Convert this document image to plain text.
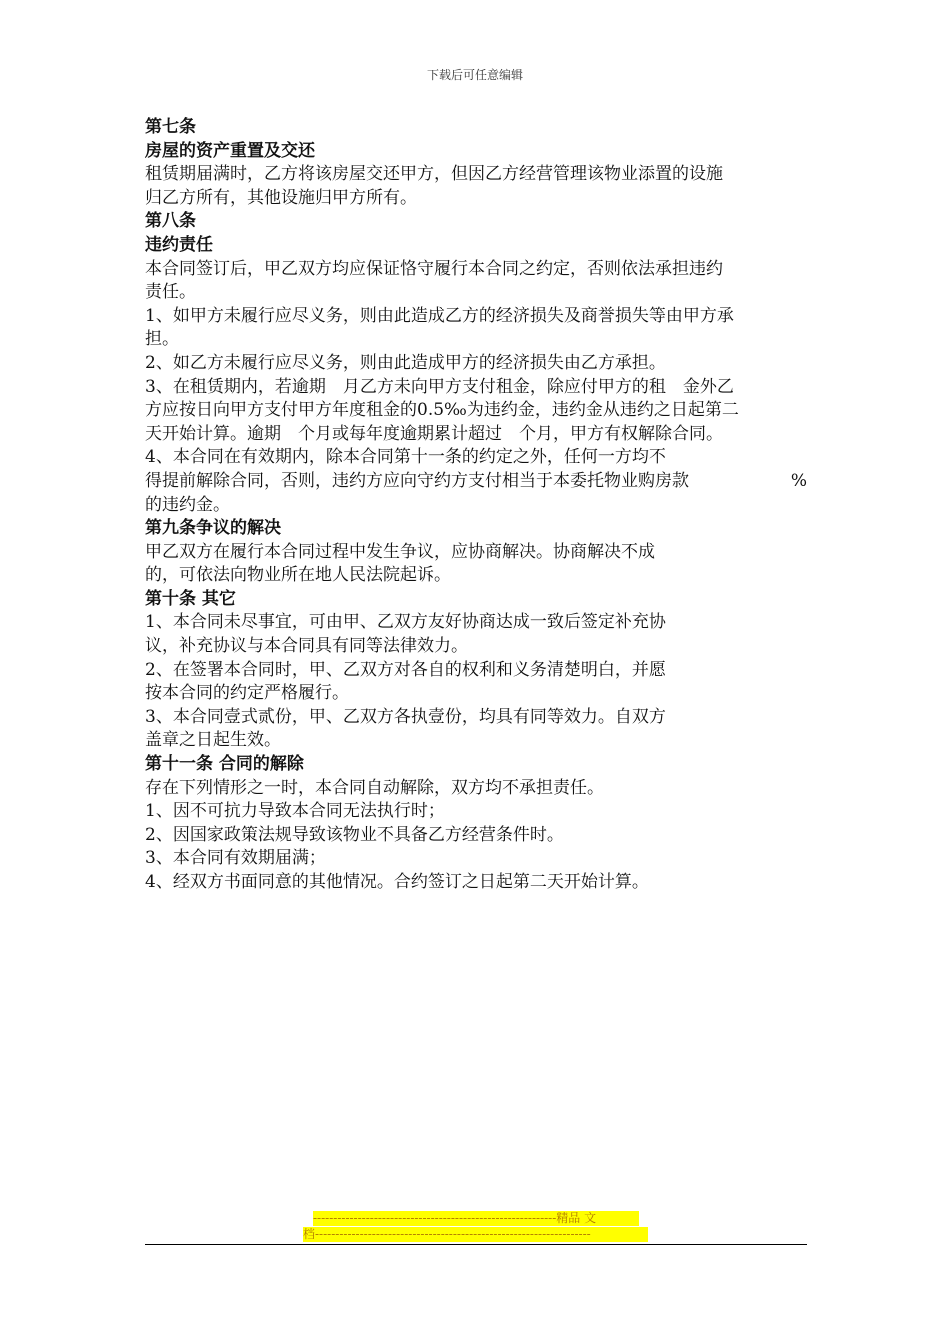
下载后可任意编辑
第七条
房屋的资产重置及交还
租赁期届满时，乙方将该房屋交还甲方，但因乙方经营管理该物业添置的设施
归乙方所有，其他设施归甲方所有。
第八条
违约责任
本合同签订后，甲乙双方均应保证恪守履行本合同之约定，否则依法承担违约
责任。
1、如甲方未履行应尽义务，则由此造成乙方的经济损失及商誉损失等由甲方承
担。
2、如乙方未履行应尽义务，则由此造成甲方的经济损失由乙方承担。
3、在租赁期内，若逾期　月乙方未向甲方支付租金，除应付甲方的租　金外乙
方应按日向甲方支付甲方年度租金的0.5‰为违约金，违约金从违约之日起第二
天开始计算。逾期　个月或每年度逾期累计超过　个月，甲方有权解除合同。
4、本合同在有效期内，除本合同第十一条的约定之外，任何一方均不
得提前解除合同，否则，违约方应向守约方支付相当于本委托物业购房款	%
的违约金。
第九条争议的解决
甲乙双方在履行本合同过程中发生争议，应协商解决。协商解决不成
的，可依法向物业所在地人民法院起诉。
第十条 其它
1、本合同未尽事宜，可由甲、乙双方友好协商达成一致后签定补充协
议，补充协议与本合同具有同等法律效力。
2、在签署本合同时，甲、乙双方对各自的权利和义务清楚明白，并愿
按本合同的约定严格履行。
3、本合同壹式贰份，甲、乙双方各执壹份，均具有同等效力。自双方
盖章之日起生效。
第十一条 合同的解除
存在下列情形之一时，本合同自动解除，双方均不承担责任。
1、因不可抗力导致本合同无法执行时；
2、因国家政策法规导致该物业不具备乙方经营条件时。
3、本合同有效期届满；
4、经双方书面同意的其他情况。合约签订之日起第二天开始计算。
------------------------------------------------------------精品 文
档--------------------------------------------------------------------
